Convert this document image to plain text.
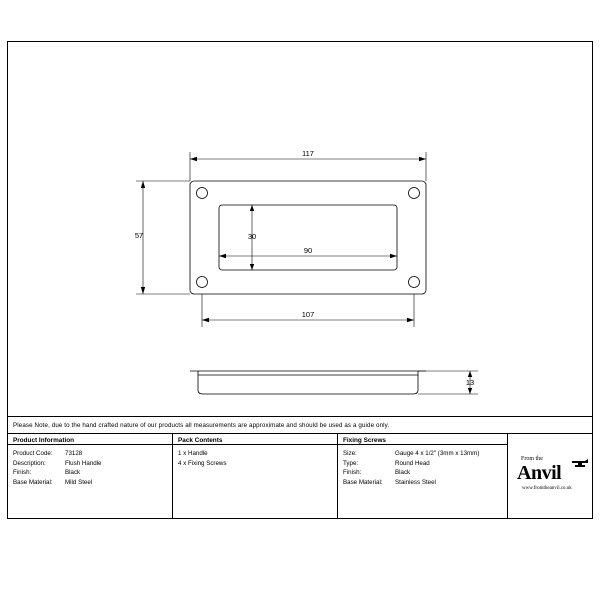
117
57	30
90
107
13
Please Note, due to the hand crafted nature of our products all measurements are approximate and should be used as a guide only.
Product Information
Product Code:	73128
Description:	Flush Handle
Finish:	Black
Base Material:	Mild Steel
Pack Contents
1 x Handle
4 x Fixing Screws
Fixing Screws
Size:	Gauge 4 x 1/2" (3mm x 13mm)
Type:	Round Head
Finish:	Black
Base Material:	Stainless Steel
From the
Anvil
www.fromtheanvil.co.uk
